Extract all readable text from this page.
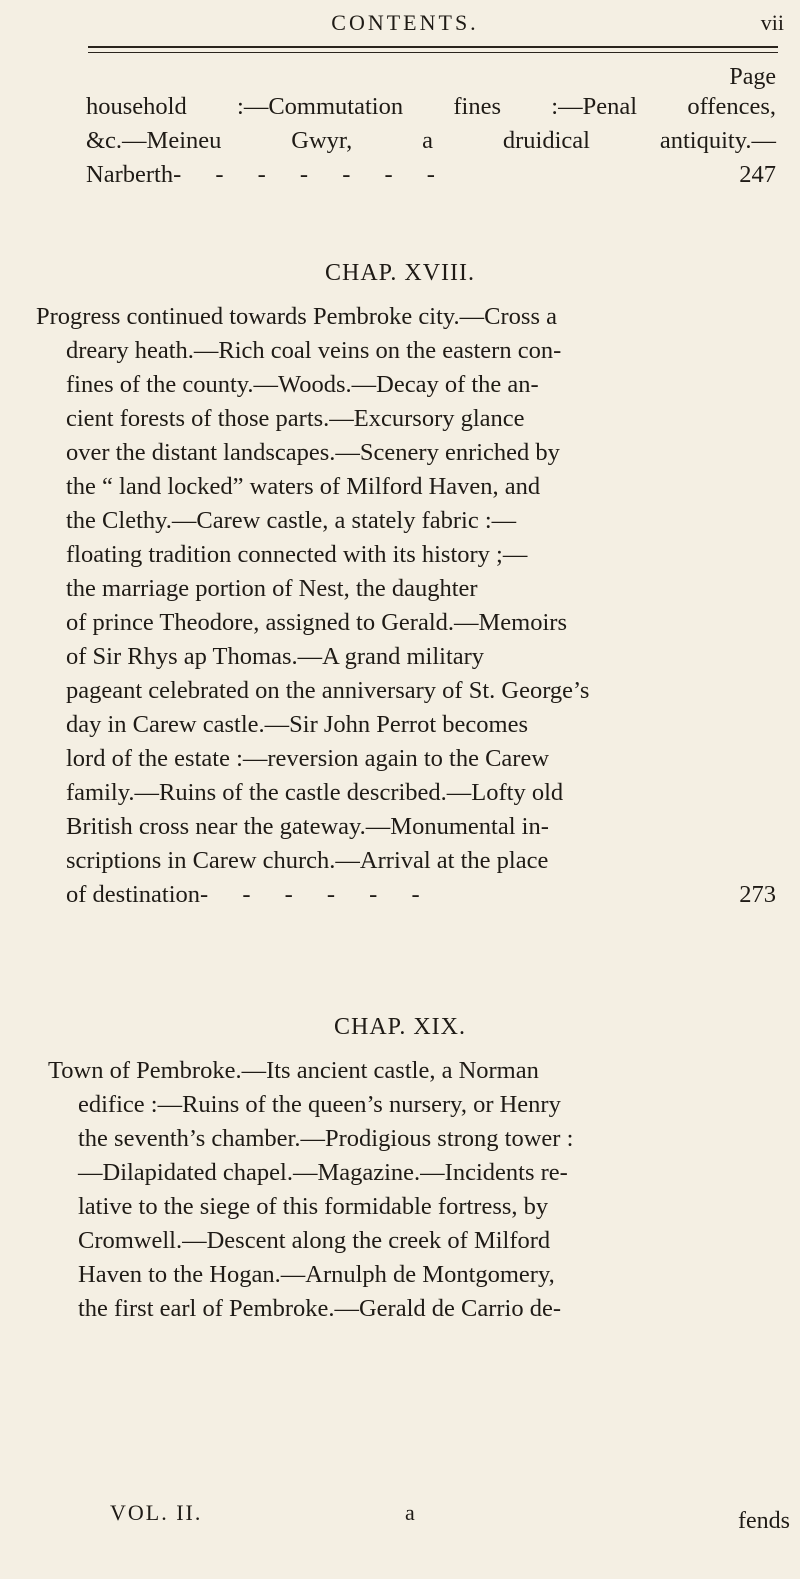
CONTENTS.	vii
Page
household :—Commutation fines :—Penal offences,
&c.—Meineu Gwyr, a druidical antiquity.—
Narberth - - - - - - -	247
CHAP. XVIII.
Progress continued towards Pembroke city.—Cross a
dreary heath.—Rich coal veins on the eastern con-
fines of the county.—Woods.—Decay of the an-
cient forests of those parts.—Excursory glance
over the distant landscapes.—Scenery enriched by
the “ land locked” waters of Milford Haven, and
the Clethy.—Carew castle, a stately fabric :—
floating tradition connected with its history ;—
the marriage portion of Nest, the daughter
of prince Theodore, assigned to Gerald.—Memoirs
of Sir Rhys ap Thomas.—A grand military
pageant celebrated on the anniversary of St. George’s
day in Carew castle.—Sir John Perrot becomes
lord of the estate :—reversion again to the Carew
family.—Ruins of the castle described.—Lofty old
British cross near the gateway.—Monumental in-
scriptions in Carew church.—Arrival at the place
of destination - - - - - -	273
CHAP. XIX.
Town of Pembroke.—Its ancient castle, a Norman
edifice :—Ruins of the queen’s nursery, or Henry
the seventh’s chamber.—Prodigious strong tower :
—Dilapidated chapel.—Magazine.—Incidents re-
lative to the siege of this formidable fortress, by
Cromwell.—Descent along the creek of Milford
Haven to the Hogan.—Arnulph de Montgomery,
the first earl of Pembroke.—Gerald de Carrio de-
VOL. II.	a	fends
